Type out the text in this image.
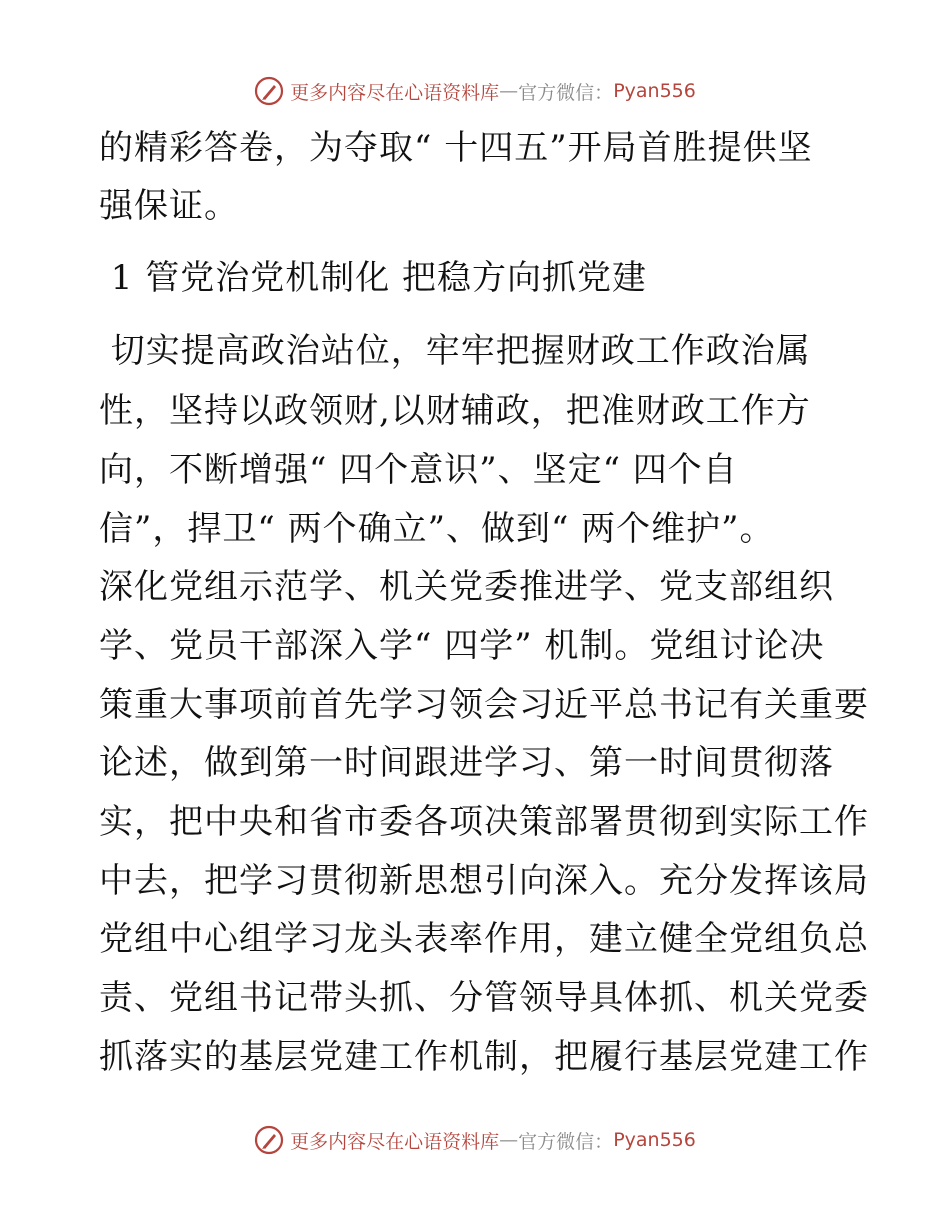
更多内容尽在心语资料库 — 官方微信： Pyan556
的精彩答卷，为夺取“ 十四五”开局首胜提供坚
强保证。
1 管党治党机制化 把稳方向抓党建
切实提高政治站位，牢牢把握财政工作政治属
性，坚持以政领财,以财辅政，把准财政工作方
向，不断增强“ 四个意识”、坚定“ 四个自
信”，捍卫“ 两个确立”、做到“ 两个维护”。
深化党组示范学、机关党委推进学、党支部组织
学、党员干部深入学“ 四学” 机制。党组讨论决
策重大事项前首先学习领会习近平总书记有关重要
论述，做到第一时间跟进学习、第一时间贯彻落
实，把中央和省市委各项决策部署贯彻到实际工作
中去，把学习贯彻新思想引向深入。充分发挥该局
党组中心组学习龙头表率作用，建立健全党组负总
责、党组书记带头抓、分管领导具体抓、机关党委
抓落实的基层党建工作机制，把履行基层党建工作
更多内容尽在心语资料库 — 官方微信： Pyan556
